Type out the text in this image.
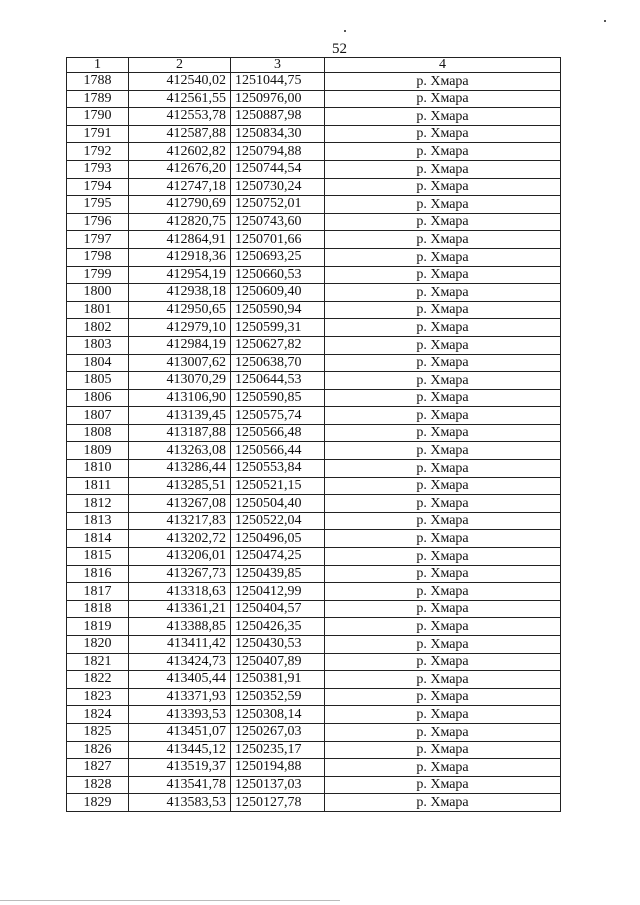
52
1	2	3	4
1788	412540,02	1251044,75	р. Хмара
1789	412561,55	1250976,00	р. Хмара
1790	412553,78	1250887,98	р. Хмара
1791	412587,88	1250834,30	р. Хмара
1792	412602,82	1250794,88	р. Хмара
1793	412676,20	1250744,54	р. Хмара
1794	412747,18	1250730,24	р. Хмара
1795	412790,69	1250752,01	р. Хмара
1796	412820,75	1250743,60	р. Хмара
1797	412864,91	1250701,66	р. Хмара
1798	412918,36	1250693,25	р. Хмара
1799	412954,19	1250660,53	р. Хмара
1800	412938,18	1250609,40	р. Хмара
1801	412950,65	1250590,94	р. Хмара
1802	412979,10	1250599,31	р. Хмара
1803	412984,19	1250627,82	р. Хмара
1804	413007,62	1250638,70	р. Хмара
1805	413070,29	1250644,53	р. Хмара
1806	413106,90	1250590,85	р. Хмара
1807	413139,45	1250575,74	р. Хмара
1808	413187,88	1250566,48	р. Хмара
1809	413263,08	1250566,44	р. Хмара
1810	413286,44	1250553,84	р. Хмара
1811	413285,51	1250521,15	р. Хмара
1812	413267,08	1250504,40	р. Хмара
1813	413217,83	1250522,04	р. Хмара
1814	413202,72	1250496,05	р. Хмара
1815	413206,01	1250474,25	р. Хмара
1816	413267,73	1250439,85	р. Хмара
1817	413318,63	1250412,99	р. Хмара
1818	413361,21	1250404,57	р. Хмара
1819	413388,85	1250426,35	р. Хмара
1820	413411,42	1250430,53	р. Хмара
1821	413424,73	1250407,89	р. Хмара
1822	413405,44	1250381,91	р. Хмара
1823	413371,93	1250352,59	р. Хмара
1824	413393,53	1250308,14	р. Хмара
1825	413451,07	1250267,03	р. Хмара
1826	413445,12	1250235,17	р. Хмара
1827	413519,37	1250194,88	р. Хмара
1828	413541,78	1250137,03	р. Хмара
1829	413583,53	1250127,78	р. Хмара
